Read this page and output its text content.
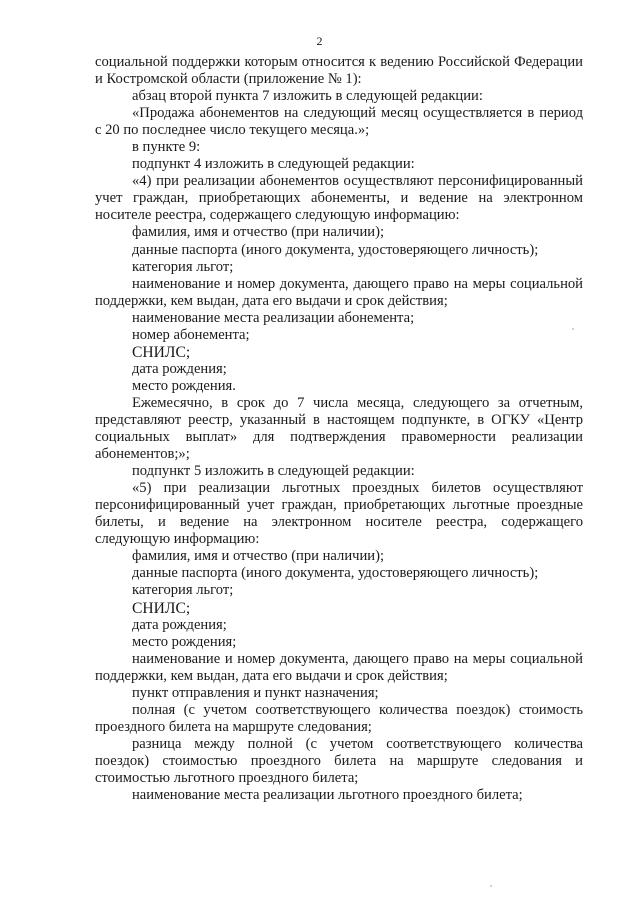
2

социальной поддержки которым относится к ведению Российской Федерации и Костромской области (приложение № 1):

абзац второй пункта 7 изложить в следующей редакции:

«Продажа абонементов на следующий месяц осуществляется в период с 20 по последнее число текущего месяца.»;

в пункте 9:

подпункт 4 изложить в следующей редакции:

«4) при реализации абонементов осуществляют персонифицированный учет граждан, приобретающих абонементы, и ведение на электронном носителе реестра, содержащего следующую информацию:

фамилия, имя и отчество (при наличии);

данные паспорта (иного документа, удостоверяющего личность);

категория льгот;

наименование и номер документа, дающего право на меры социальной поддержки, кем выдан, дата его выдачи и срок действия;

наименование места реализации абонемента;

номер абонемента;

СНИЛС;

дата рождения;

место рождения.

Ежемесячно, в срок до 7 числа месяца, следующего за отчетным, представляют реестр, указанный в настоящем подпункте, в ОГКУ «Центр социальных выплат» для подтверждения правомерности реализации абонементов;»;

подпункт 5 изложить в следующей редакции:

«5) при реализации льготных проездных билетов осуществляют персонифицированный учет граждан, приобретающих льготные проездные билеты, и ведение на электронном носителе реестра, содержащего следующую информацию:

фамилия, имя и отчество (при наличии);

данные паспорта (иного документа, удостоверяющего личность);

категория льгот;

СНИЛС;

дата рождения;

место рождения;

наименование и номер документа, дающего право на меры социальной поддержки, кем выдан, дата его выдачи и срок действия;

пункт отправления и пункт назначения;

полная (с учетом соответствующего количества поездок) стоимость проездного билета на маршруте следования;

разница между полной (с учетом соответствующего количества поездок) стоимостью проездного билета на маршруте следования и стоимостью льготного проездного билета;

наименование места реализации льготного проездного билета;
